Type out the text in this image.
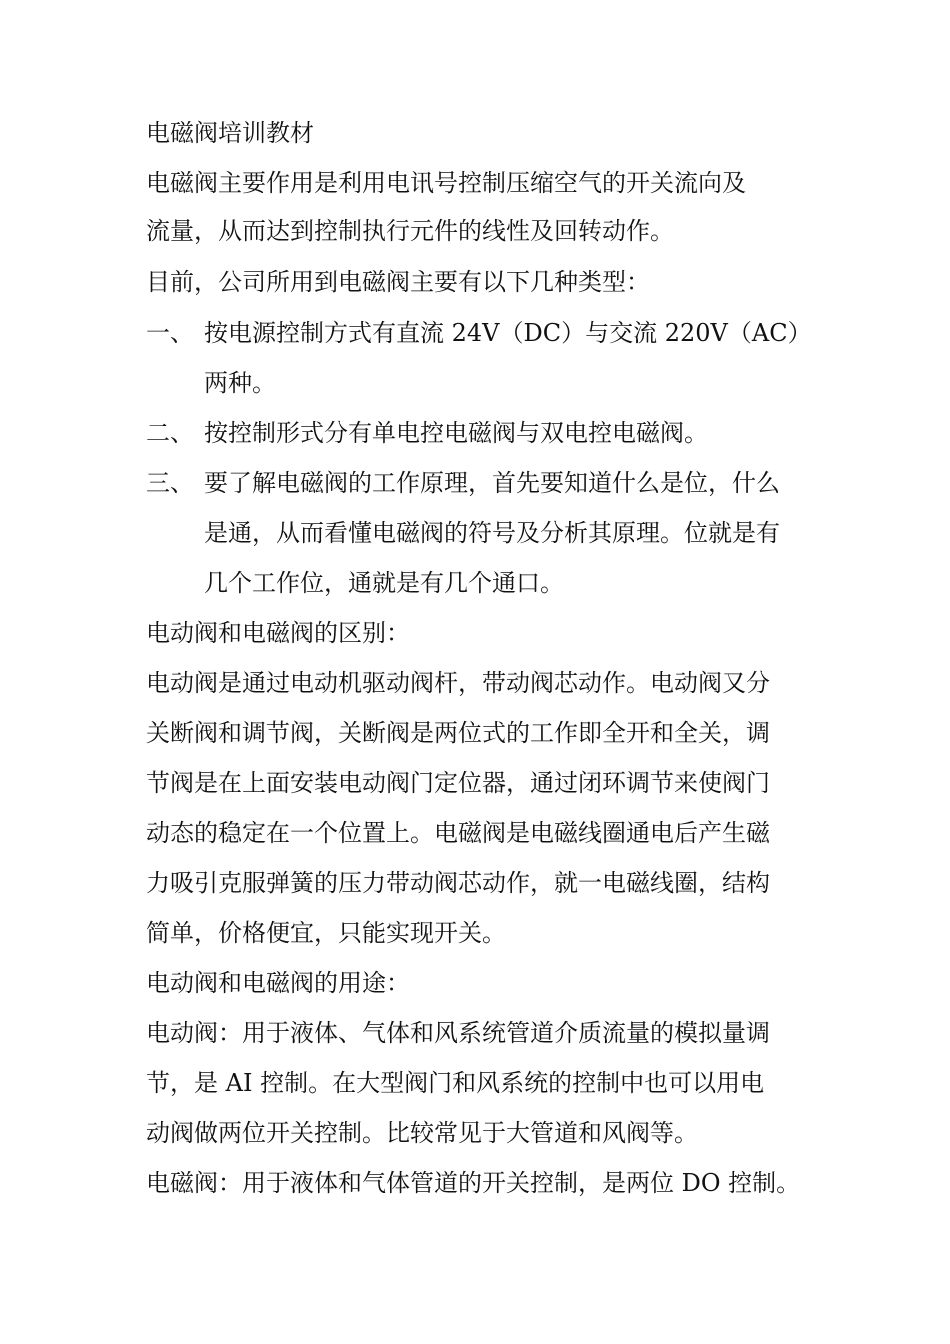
电磁阀培训教材
电磁阀主要作用是利用电讯号控制压缩空气的开关流向及
流量，从而达到控制执行元件的线性及回转动作。
目前，公司所用到电磁阀主要有以下几种类型：
一、 按电源控制方式有直流 24V（DC）与交流 220V（AC）
两种。
二、 按控制形式分有单电控电磁阀与双电控电磁阀。
三、 要了解电磁阀的工作原理，首先要知道什么是位，什么
是通，从而看懂电磁阀的符号及分析其原理。位就是有
几个工作位，通就是有几个通口。
电动阀和电磁阀的区别：
电动阀是通过电动机驱动阀杆，带动阀芯动作。电动阀又分
关断阀和调节阀，关断阀是两位式的工作即全开和全关，调
节阀是在上面安装电动阀门定位器，通过闭环调节来使阀门
动态的稳定在一个位置上。电磁阀是电磁线圈通电后产生磁
力吸引克服弹簧的压力带动阀芯动作，就一电磁线圈，结构
简单，价格便宜，只能实现开关。
电动阀和电磁阀的用途：
电动阀：用于液体、气体和风系统管道介质流量的模拟量调
节，是 AI 控制。在大型阀门和风系统的控制中也可以用电
动阀做两位开关控制。比较常见于大管道和风阀等。
电磁阀：用于液体和气体管道的开关控制，是两位 DO 控制。
